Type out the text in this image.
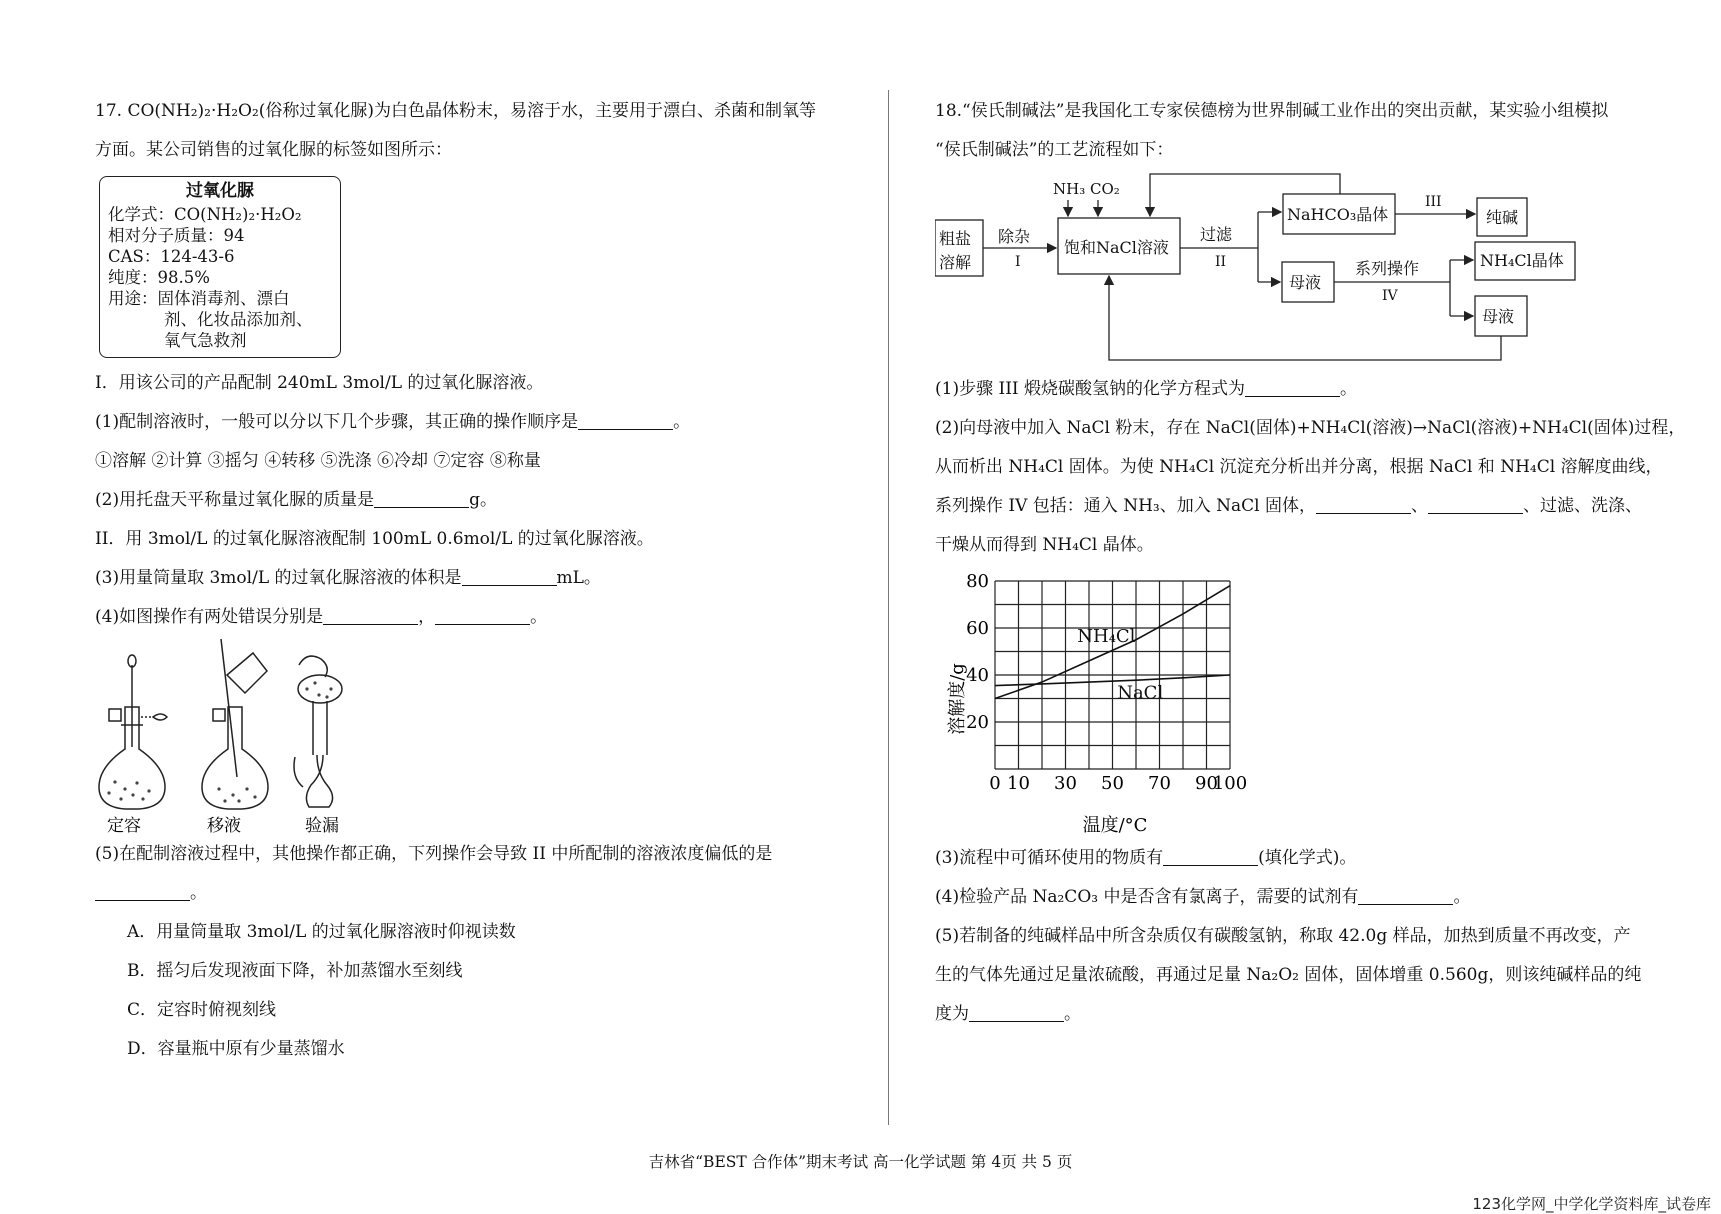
17. CO(NH₂)₂·H₂O₂(俗称过氧化脲)为白色晶体粉末，易溶于水，主要用于漂白、杀菌和制氧等
方面。某公司销售的过氧化脲的标签如图所示：
过氧化脲
化学式：CO(NH₂)₂·H₂O₂
相对分子质量：94
CAS：124-43-6
纯度：98.5%
用途：固体消毒剂、漂白
剂、化妆品添加剂、
氧气急救剂
I．用该公司的产品配制 240mL 3mol/L 的过氧化脲溶液。
(1)配制溶液时，一般可以分以下几个步骤，其正确的操作顺序是	。
①溶解 ②计算 ③摇匀 ④转移 ⑤洗涤 ⑥冷却 ⑦定容 ⑧称量
(2)用托盘天平称量过氧化脲的质量是	g。
II．用 3mol/L 的过氧化脲溶液配制 100mL 0.6mol/L 的过氧化脲溶液。
(3)用量筒量取 3mol/L 的过氧化脲溶液的体积是	mL。
(4)如图操作有两处错误分别是	，	。
定容	移液	验漏
(5)在配制溶液过程中，其他操作都正确，下列操作会导致 II 中所配制的溶液浓度偏低的是
。
A．用量筒量取 3mol/L 的过氧化脲溶液时仰视读数
B．摇匀后发现液面下降，补加蒸馏水至刻线
C．定容时俯视刻线
D．容量瓶中原有少量蒸馏水
18.“侯氏制碱法”是我国化工专家侯德榜为世界制碱工业作出的突出贡献，某实验小组模拟
“侯氏制碱法”的工艺流程如下：
粗盐
溶解
除杂
I
NH₃ CO₂
饱和NaCl溶液
过滤
II
NaHCO₃晶体
III
纯碱
母液
系列操作
IV
NH₄Cl晶体
母液
(1)步骤 III 煅烧碳酸氢钠的化学方程式为	。
(2)向母液中加入 NaCl 粉末，存在 NaCl(固体)+NH₄Cl(溶液)→NaCl(溶液)+NH₄Cl(固体)过程，
从而析出 NH₄Cl 固体。为使 NH₄Cl 沉淀充分析出并分离，根据 NaCl 和 NH₄Cl 溶解度曲线，
系列操作 IV 包括：通入 NH₃、加入 NaCl 固体，	、	、过滤、洗涤、
干燥从而得到 NH₄Cl 晶体。
NH₄Cl
NaCl
0 10 30 50 70 90
100
20
40
60
80
溶解度/g
温度/°C
(3)流程中可循环使用的物质有	(填化学式)。
(4)检验产品 Na₂CO₃ 中是否含有氯离子，需要的试剂有	。
(5)若制备的纯碱样品中所含杂质仅有碳酸氢钠，称取 42.0g 样品，加热到质量不再改变，产
生的气体先通过足量浓硫酸，再通过足量 Na₂O₂ 固体，固体增重 0.560g，则该纯碱样品的纯
度为	。
吉林省“BEST 合作体”期末考试 高一化学试题 第 4页 共 5 页
123化学网_中学化学资料库_试卷库
